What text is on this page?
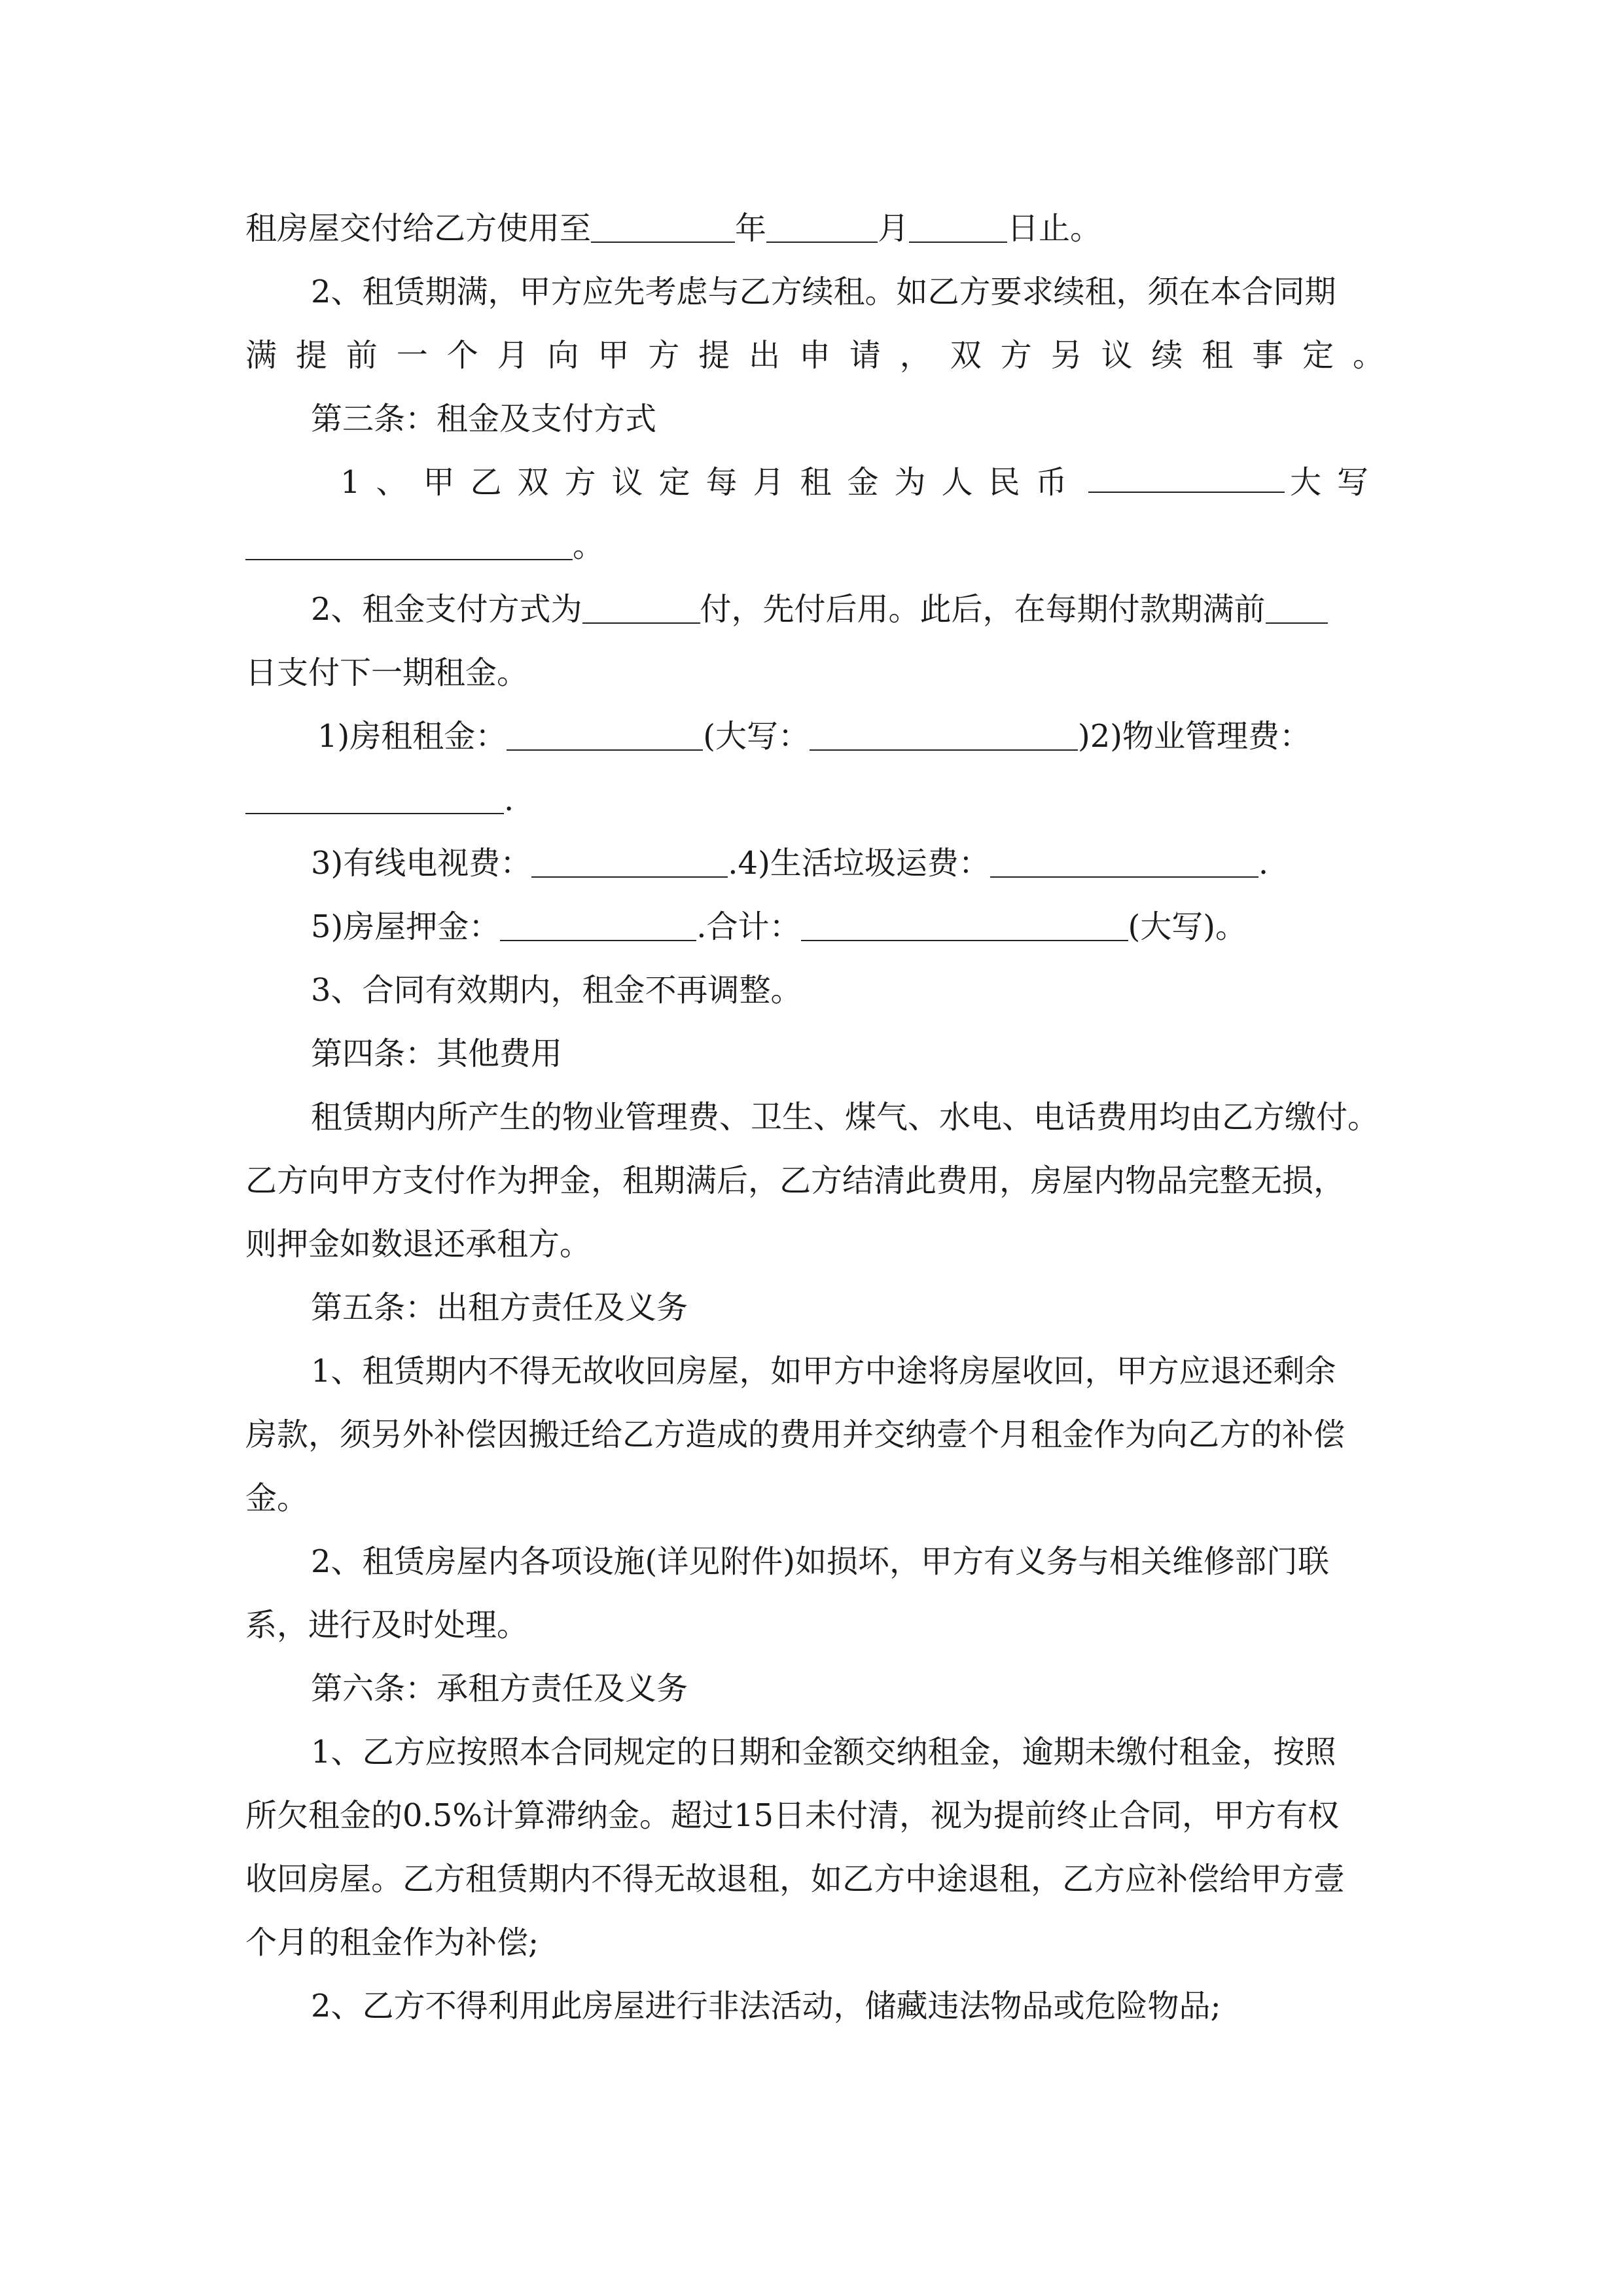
租房屋交付给乙方使用至	年	月	日止。
2、租赁期满，甲方应先考虑与乙方续租。如乙方要求续租，须在本合同期
满提前一个月向甲方提出申请，双方另议续租事定。
第三条：租金及支付方式
1、甲乙双方议定每月租金为人民币	大写
。
2、租金支付方式为	付，先付后用。此后，在每期付款期满前
日支付下一期租金。
1)房租租金：	(大写：	)2)物业管理费：
.
3)有线电视费：	.4)生活垃圾运费：	.
5)房屋押金：	.合计：	(大写)。
3、合同有效期内，租金不再调整。
第四条：其他费用
租赁期内所产生的物业管理费、卫生、煤气、水电、电话费用均由乙方缴付。
乙方向甲方支付作为押金，租期满后，乙方结清此费用，房屋内物品完整无损，
则押金如数退还承租方。
第五条：出租方责任及义务
1、租赁期内不得无故收回房屋，如甲方中途将房屋收回，甲方应退还剩余
房款，须另外补偿因搬迁给乙方造成的费用并交纳壹个月租金作为向乙方的补偿
金。
2、租赁房屋内各项设施(详见附件)如损坏，甲方有义务与相关维修部门联
系，进行及时处理。
第六条：承租方责任及义务
1、乙方应按照本合同规定的日期和金额交纳租金，逾期未缴付租金，按照
所欠租金的0.5%计算滞纳金。超过15日未付清，视为提前终止合同，甲方有权
收回房屋。乙方租赁期内不得无故退租，如乙方中途退租，乙方应补偿给甲方壹
个月的租金作为补偿;
2、乙方不得利用此房屋进行非法活动，储藏违法物品或危险物品;
